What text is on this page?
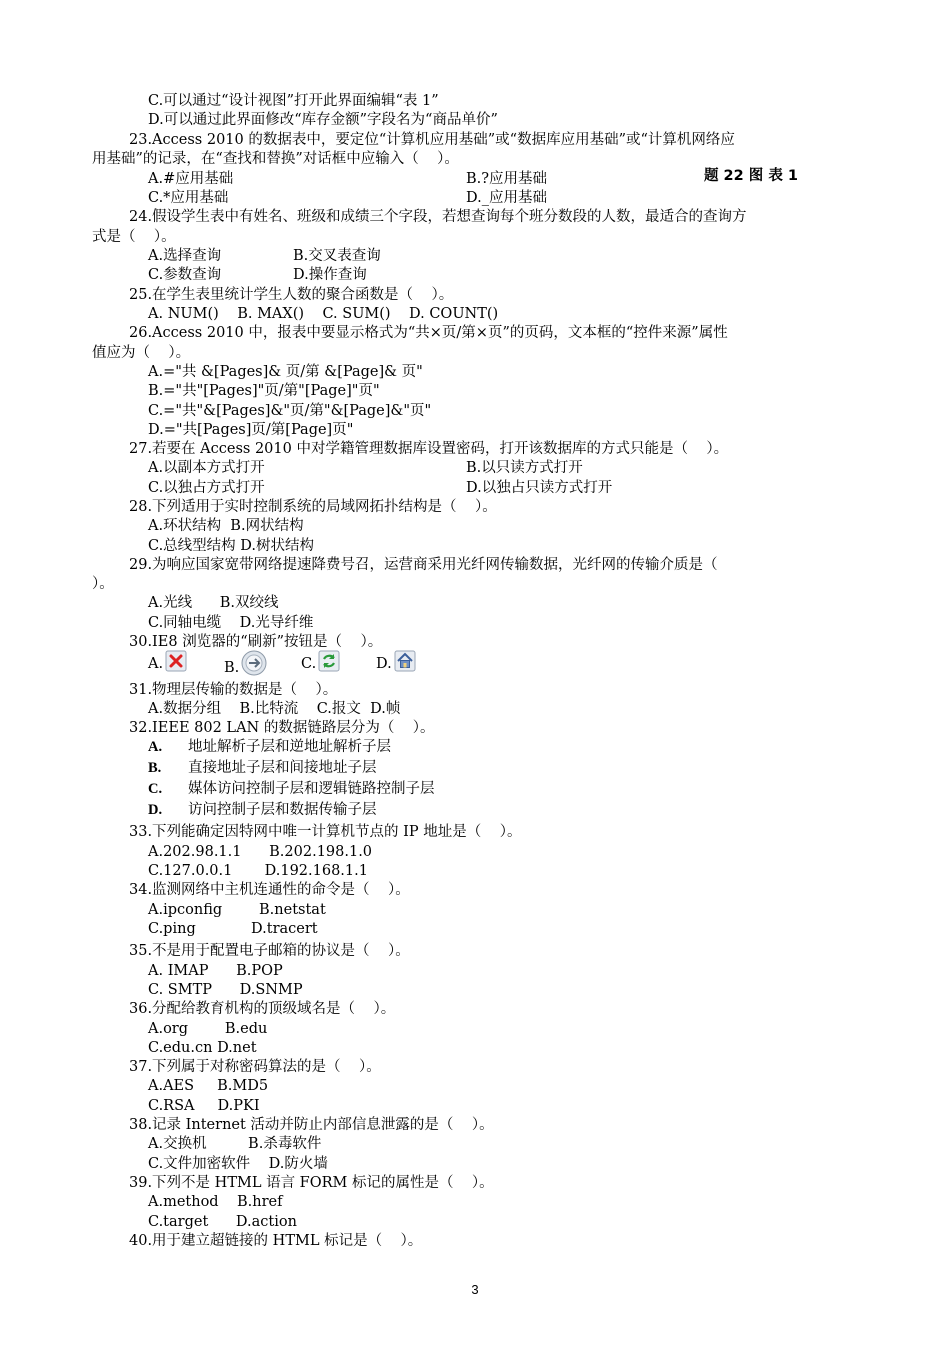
C.可以通过“设计视图”打开此界面编辑“表 1”
D.可以通过此界面修改“库存金额”字段名为“商品单价”
23.Access 2010 的数据表中，要定位“计算机应用基础”或“数据库应用基础”或“计算机网络应
用基础”的记录，在“查找和替换”对话框中应输入（    ）。
A.#应用基础	B.?应用基础
C.*应用基础	D._应用基础
24.假设学生表中有姓名、班级和成绩三个字段，若想查询每个班分数段的人数，最适合的查询方
式是（    ）。
A.选择查询	B.交叉表查询
C.参数查询	D.操作查询
25.在学生表里统计学生人数的聚合函数是（    ）。
A. NUM()    B. MAX()    C. SUM()    D. COUNT()
26.Access 2010 中，报表中要显示格式为“共×页/第×页”的页码，文本框的“控件来源”属性
值应为（    ）。
A.="共 &[Pages]& 页/第 &[Page]& 页"
B.="共"[Pages]"页/第"[Page]"页"
C.="共"&[Pages]&"页/第"&[Page]&"页"
D.="共[Pages]页/第[Page]页"
27.若要在 Access 2010 中对学籍管理数据库设置密码，打开该数据库的方式只能是（    ）。
A.以副本方式打开	B.以只读方式打开
C.以独占方式打开	D.以独占只读方式打开
28.下列适用于实时控制系统的局域网拓扑结构是（    ）。
A.环状结构  B.网状结构
C.总线型结构 D.树状结构
29.为响应国家宽带网络提速降费号召，运营商采用光纤网传输数据，光纤网的传输介质是（
）。
A.光线      B.双绞线
C.同轴电缆    D.光导纤维
30.IE8 浏览器的“刷新”按钮是（    ）。
31.物理层传输的数据是（    ）。
A.数据分组    B.比特流    C.报文  D.帧
32.IEEE 802 LAN 的数据链路层分为（    ）。
33.下列能确定因特网中唯一计算机节点的 IP 地址是（    ）。
A.202.98.1.1      B.202.198.1.0
C.127.0.0.1       D.192.168.1.1
34.监测网络中主机连通性的命令是（    ）。
A.ipconfig        B.netstat
C.ping            D.tracert
35.不是用于配置电子邮箱的协议是（    ）。
A. IMAP      B.POP
C. SMTP      D.SNMP
36.分配给教育机构的顶级域名是（    ）。
A.org        B.edu
C.edu.cn D.net
37.下列属于对称密码算法的是（    ）。
A.AES     B.MD5
C.RSA     D.PKI
38.记录 Internet 活动并防止内部信息泄露的是（    ）。
A.交换机         B.杀毒软件
C.文件加密软件    D.防火墙
39.下列不是 HTML 语言 FORM 标记的属性是（    ）。
A.method    B.href
C.target      D.action
40.用于建立超链接的 HTML 标记是（    ）。
A. 地址解析子层和逆地址解析子层
B. 直接地址子层和间接地址子层
C. 媒体访问控制子层和逻辑链路控制子层
D. 访问控制子层和数据传输子层
题 22 图 表 1
A.	B.	C.	D.
3
